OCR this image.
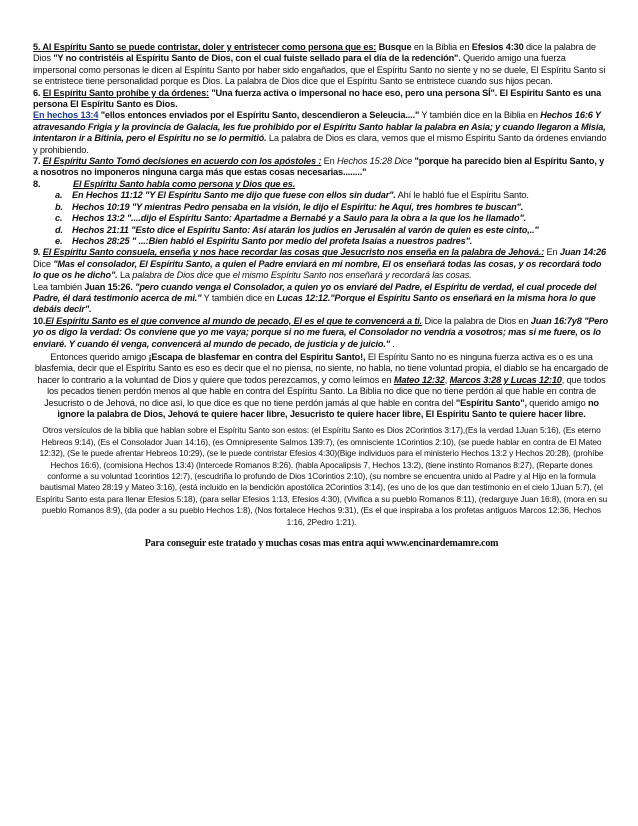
5. Al Espíritu Santo se puede contristar, doler y entristecer como persona que es: Busque en la Biblia en Efesios 4:30 dice la palabra de Dios "Y no contristéis al Espíritu Santo de Dios, con el cual fuiste sellado para el día de la redención". Querido amigo una fuerza impersonal como personas le dicen al Espíritu Santo por haber sido engañados, que el Espíritu Santo no siente y no se duele, El Espíritu Santo si se entristece tiene personalidad porque es Dios. La palabra de Dios dice que el Espíritu Santo se entristece cuando sus hijos pecan.

6. El Espíritu Santo prohíbe y da órdenes: "Una fuerza activa o impersonal no hace eso, pero una persona SÍ". El Espíritu Santo es una persona El Espíritu Santo es Dios.

En hechos 13:4 "ellos entonces enviados por el Espíritu Santo, descendieron a Seleucia...." Y también dice en la Biblia en Hechos 16:6 Y atravesando Frigia y la provincia de Galacia, les fue prohibido por el Espíritu Santo hablar la palabra en Asia; y cuando llegaron a Misia, intentaron ir a Bitinia, pero el Espíritu no se lo permitió. La palabra de Dios es clara, vemos que el mismo Espíritu Santo da órdenes enviando y prohibiendo.

7. El Espíritu Santo Tomó decisiones en acuerdo con los apóstoles : En Hechos 15:28 Dice "porque ha parecido bien al Espíritu Santo, y a nosotros no imponeros ninguna carga más que estas cosas necesarias........"

8.	El Espíritu Santo habla como persona y Dios que es.
a.	En Hechos 11:12 "Y El Espíritu Santo me dijo que fuese con ellos sin dudar". Ahí le habló fue el Espíritu Santo.
b. Hechos 10:19 "Y mientras Pedro pensaba en la visión, le dijo el Espíritu: he Aquí, tres hombres te buscan".
c.	Hechos 13:2 "....dijo el Espíritu Santo: Apartadme a Bernabé y a Saulo para la obra a la que los he llamado".
d. Hechos 21:11 "Esto dice el Espíritu Santo: Así atarán los judíos en Jerusalén al varón de quien es este cinto,.."
e.	Hechos 28:25 " ...:Bien habló el Espíritu Santo por medio del profeta Isaías a nuestros padres".

9. El Espíritu Santo consuela, enseña y nos hace recordar las cosas que Jesucristo nos enseña en la palabra de Jehová.: En Juan 14:26 Dice "Mas el consolador, El Espíritu Santo, a quien el Padre enviará en mi nombre, El os enseñará todas las cosas, y os recordará todo lo que os he dicho". La palabra de Dios dice que el mismo Espíritu Santo nos enseñará y recordará las cosas.

Lea también Juan 15:26. "pero cuando venga el Consolador, a quien yo os enviaré del Padre, el Espíritu de verdad, el cual procede del Padre, él dará testimonio acerca de mi." Y también dice en Lucas 12:12."Porque el Espíritu Santo os enseñará en la misma hora lo que debáis decir".

10.El Espíritu Santo es el que convence al mundo de pecado, El es el que te convencerá a ti. Dice la palabra de Dios en Juan 16:7y8 "Pero yo os digo la verdad: Os conviene que yo me vaya; porque si no me fuera, el Consolador no vendría a vosotros; mas si me fuere, os lo enviaré. Y cuando él venga, convencerá al mundo de pecado, de justicia y de juicio." .

Entonces querido amigo ¡Escapa de blasfemar en contra del Espíritu Santo!, El Espíritu Santo no es ninguna fuerza activa es o es una blasfemia, decir que el Espíritu Santo es eso es decir que el no piensa, no siente, no habla, no tiene voluntad propia, el diablo se ha encargado de hacer lo contrario a la voluntad de Dios y quiere que todos perezcamos, y como leímos en Mateo 12:32, Marcos 3:28 y Lucas 12:10, que todos los pecados tienen perdón menos al que hable en contra del Espíritu Santo. La Biblia no dice que no tiene perdón al que hable en contra de Jesucristo o de Jehová, no dice así, lo que dice es que no tiene perdón jamás al que hable en contra del "Espíritu Santo", querido amigo no ignore la palabra de Dios, Jehová te quiere hacer libre, Jesucristo te quiere hacer libre, El Espíritu Santo te quiere hacer libre.

Otros versículos de la biblia que hablan sobre el Espíritu Santo son estos: (el Espíritu Santo es Dios 2Corintios 3:17),(Es la verdad 1Juan 5:16), (Es eterno Hebreos 9:14), (Es el Consolador Juan 14:16), (es Omnipresente Salmos 139:7), (es omnisciente 1Corintios 2:10), (se puede hablar en contra de El Mateo 12:32), (Se le puede afrentar Hebreos 10:29), (se le puede contristar Efesios 4:30)(Bige individuos para el ministerio Hechos 13:2 y Hechos 20:28), (prohíbe Hechos 16:6), (comisiona Hechos 13:4) (Intercede Romanos 8:26). (habla Apocalipsis 7, Hechos 13:2), (tiene instinto Romanos 8:27), (Reparte dones conforme a su voluntad 1corintios 12:7), (escudriña lo profundo de Dios 1Corintios 2:10), (su nombre se encuentra unido al Padre y al Hijo en la formula bautismal Mateo 28:19 y Mateo 3:16), (está incluido en la bendición apostólica 2Corintios 3:14), (es uno de los que dan testimonio en el cielo 1Juan 5:7), (el Espíritu Santo esta para llenar Efesios 5:18), (para sellar Efesios 1:13, Efesios 4:30), (Vivifica a su pueblo Romanos 8:11), (redarguye Juan 16:8), (mora en su pueblo Romanos 8:9), (da poder a su pueblo Hechos 1:8), (Nos fortalece Hechos 9:31), (Es el que inspiraba a los profetas antiguos Marcos 12:36, Hechos 1:16, 2Pedro 1:21).

Para conseguir este tratado y muchas cosas mas entra aqui www.encinardemamre.com
